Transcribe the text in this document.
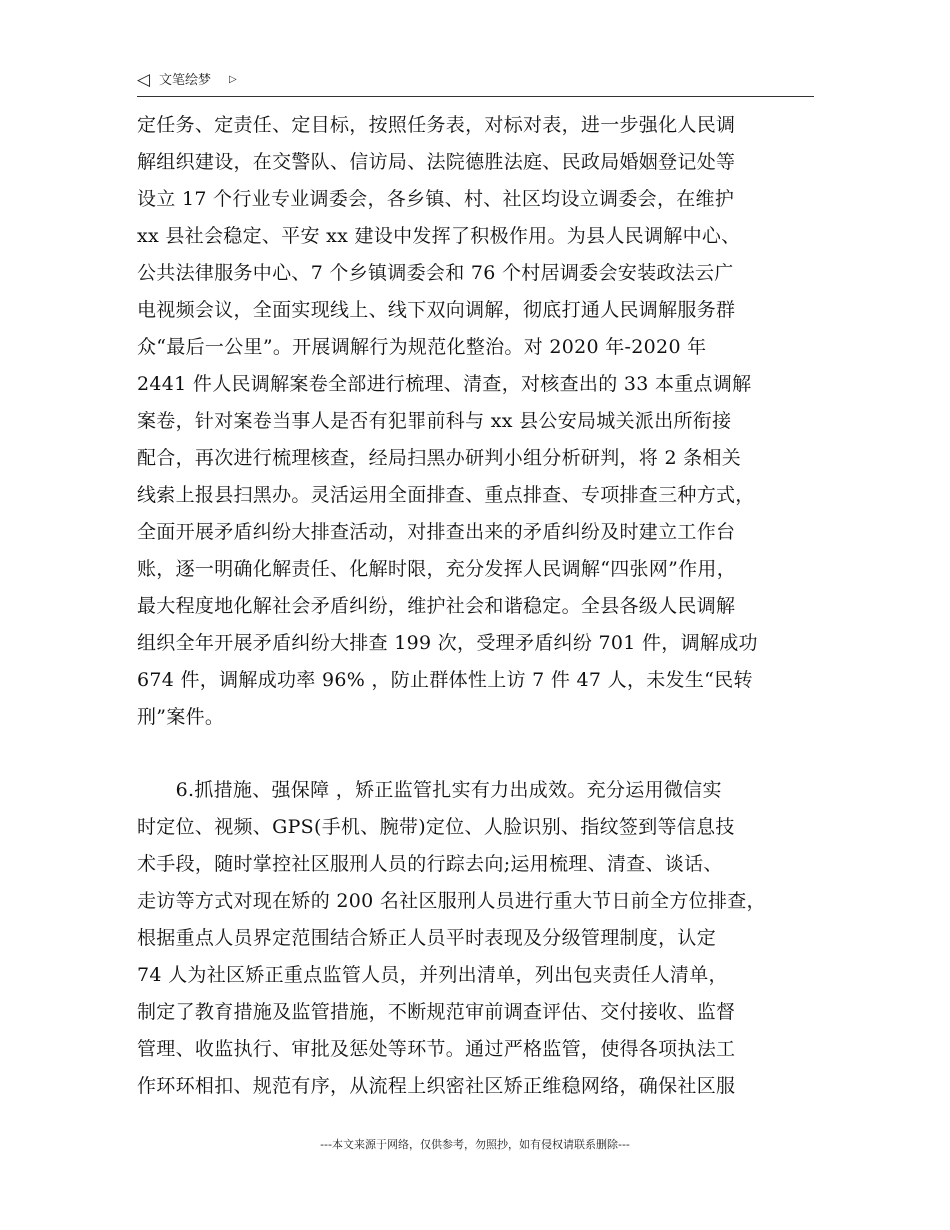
◁ 文笔绘梦 ▷
定任务、定责任、定目标，按照任务表，对标对表，进一步强化人民调
解组织建设，在交警队、信访局、法院德胜法庭、民政局婚姻登记处等
设立 17 个行业专业调委会，各乡镇、村、社区均设立调委会，在维护
xx 县社会稳定、平安 xx 建设中发挥了积极作用。为县人民调解中心、
公共法律服务中心、7 个乡镇调委会和 76 个村居调委会安装政法云广
电视频会议，全面实现线上、线下双向调解，彻底打通人民调解服务群
众“最后一公里”。开展调解行为规范化整治。对 2020 年-2020 年
2441 件人民调解案卷全部进行梳理、清查，对核查出的 33 本重点调解
案卷，针对案卷当事人是否有犯罪前科与 xx 县公安局城关派出所衔接
配合，再次进行梳理核查，经局扫黑办研判小组分析研判，将 2 条相关
线索上报县扫黑办。灵活运用全面排查、重点排查、专项排查三种方式，
全面开展矛盾纠纷大排查活动，对排查出来的矛盾纠纷及时建立工作台
账，逐一明确化解责任、化解时限，充分发挥人民调解“四张网”作用，
最大程度地化解社会矛盾纠纷，维护社会和谐稳定。全县各级人民调解
组织全年开展矛盾纠纷大排查 199 次，受理矛盾纠纷 701 件，调解成功
674 件，调解成功率 96% ，防止群体性上访 7 件 47 人，未发生“民转
刑”案件。
　　6.抓措施、强保障 ，矫正监管扎实有力出成效。充分运用微信实
时定位、视频、GPS(手机、腕带)定位、人脸识别、指纹签到等信息技
术手段，随时掌控社区服刑人员的行踪去向;运用梳理、清查、谈话、
走访等方式对现在矫的 200 名社区服刑人员进行重大节日前全方位排查，
根据重点人员界定范围结合矫正人员平时表现及分级管理制度，认定
74 人为社区矫正重点监管人员，并列出清单，列出包夹责任人清单，
制定了教育措施及监管措施，不断规范审前调查评估、交付接收、监督
管理、收监执行、审批及惩处等环节。通过严格监管，使得各项执法工
作环环相扣、规范有序，从流程上织密社区矫正维稳网络，确保社区服
---本文来源于网络，仅供参考，勿照抄，如有侵权请联系删除---
